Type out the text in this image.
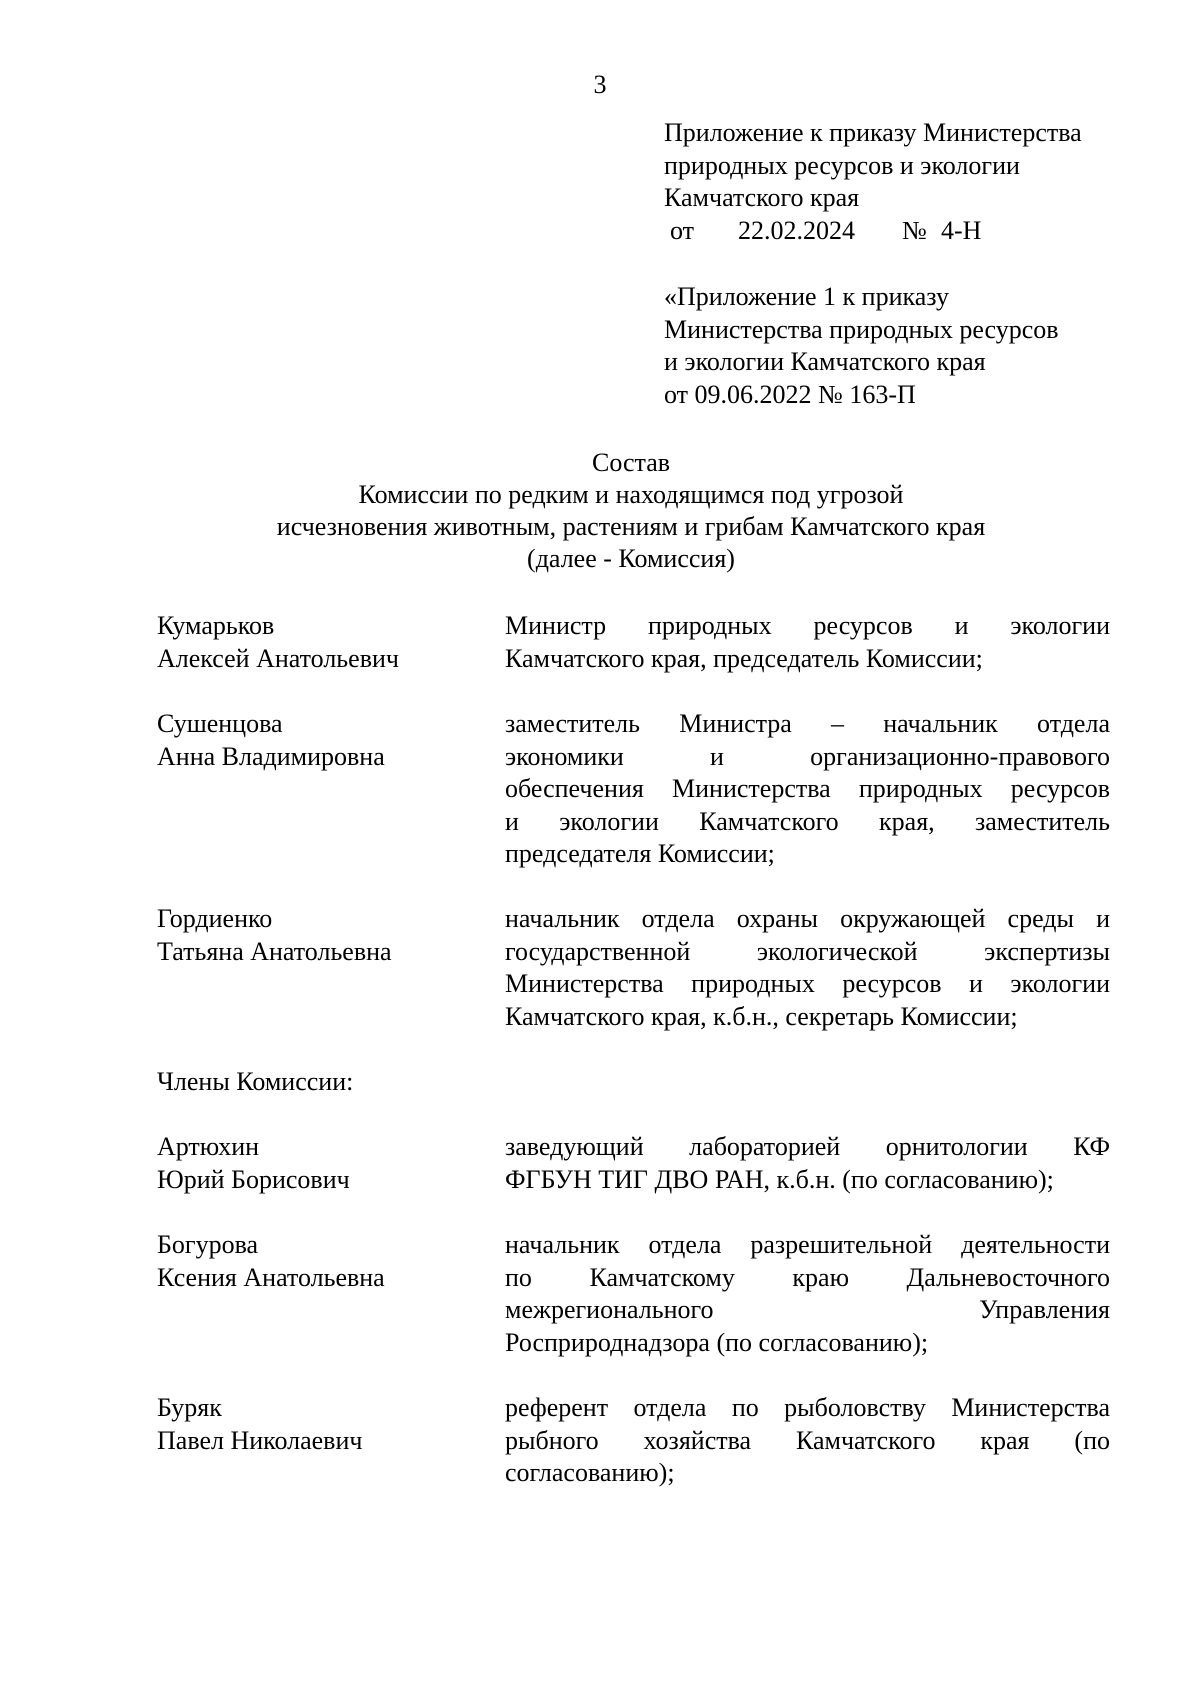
3
Приложение к приказу Министерства
природных ресурсов и экологии
Камчатского края
от 22.02.2024 № 4-Н
«Приложение 1 к приказу
Министерства природных ресурсов
и экологии Камчатского края
от 09.06.2022 № 163-П
Состав
Комиссии по редким и находящимся под угрозой
исчезновения животным, растениям и грибам Камчатского края
(далее - Комиссия)
Кумарьков
Алексей Анатольевич
Министр природных ресурсов и экологии
Камчатского края, председатель Комиссии;
Сушенцова
Анна Владимировна
заместитель Министра – начальник отдела
экономики и организационно-правового
обеспечения Министерства природных ресурсов
и экологии Камчатского края, заместитель
председателя Комиссии;
Гордиенко
Татьяна Анатольевна
начальник отдела охраны окружающей среды и
государственной экологической экспертизы
Министерства природных ресурсов и экологии
Камчатского края, к.б.н., секретарь Комиссии;
Члены Комиссии:
Артюхин
Юрий Борисович
заведующий лабораторией орнитологии КФ
ФГБУН ТИГ ДВО РАН, к.б.н. (по согласованию);
Богурова
Ксения Анатольевна
начальник отдела разрешительной деятельности
по Камчатскому краю Дальневосточного
межрегионального Управления
Росприроднадзора (по согласованию);
Буряк
Павел Николаевич
референт отдела по рыболовству Министерства
рыбного хозяйства Камчатского края (по
согласованию);
